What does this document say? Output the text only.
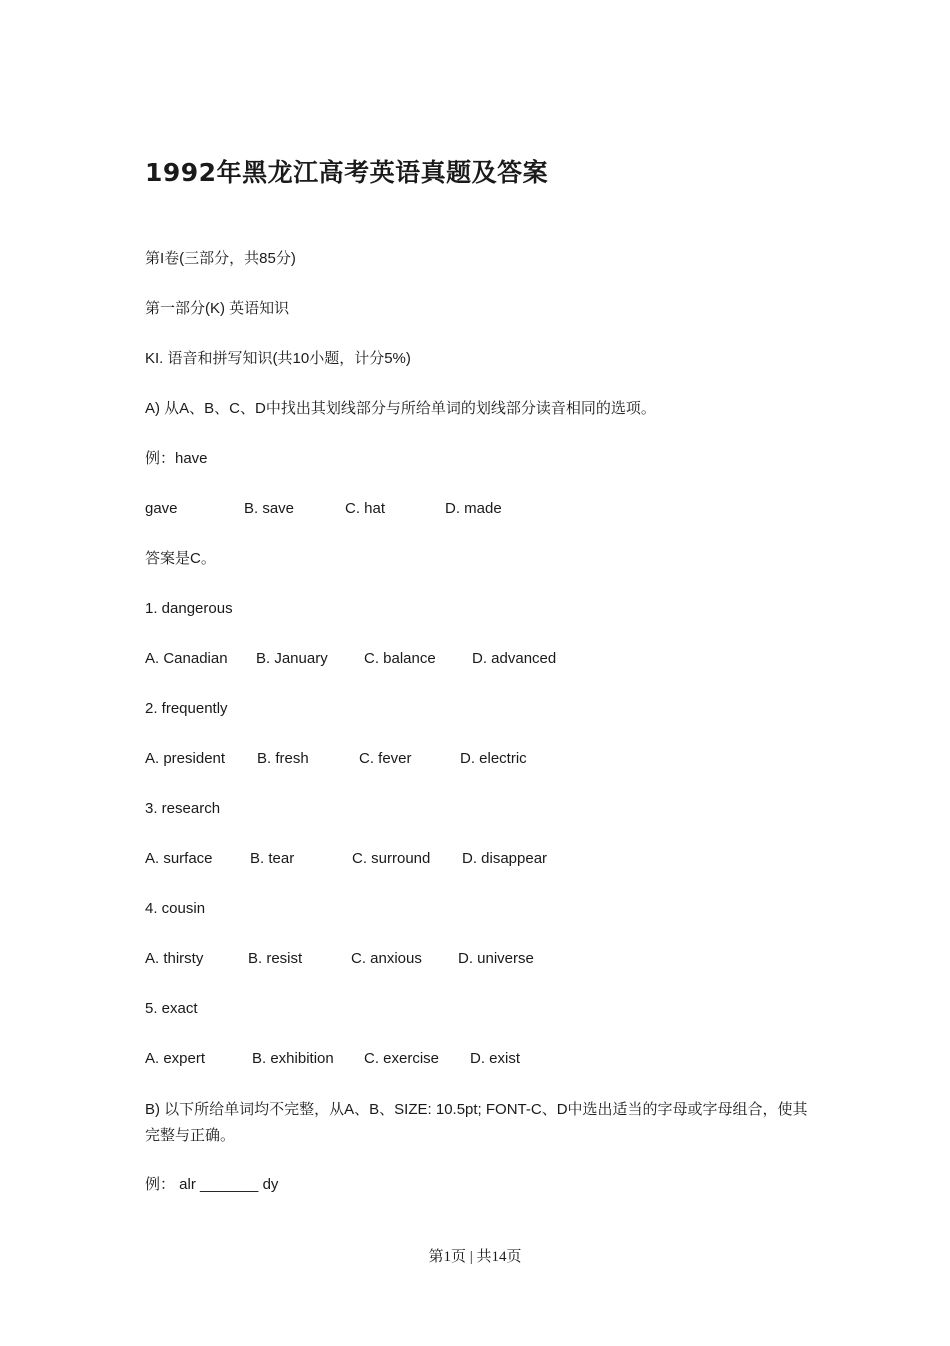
1992年黑龙江高考英语真题及答案

第I卷(三部分，共85分)

第一部分(K) 英语知识

KI. 语音和拼写知识(共10小题，计分5%)

A) 从A、B、C、D中找出其划线部分与所给单词的划线部分读音相同的选项。

例：have

gave	B. save	C. hat	D. made

答案是C。

1. dangerous

A. Canadian B. January C. balance D. advanced

2. frequently

A. president B. fresh	C. fever	D. electric

3. research

A. surface B. tear	C. surround D. disappear

4. cousin

A. thirsty	B. resist	C. anxious D. universe

5. exact

A. expert	B. exhibition C. exercise D. exist

B) 以下所给单词均不完整，从A、B、SIZE: 10.5pt; FONT-C、D中选出适当的字母或字母组合，使其完整与正确。

例： alr _______ dy

第1页 | 共14页
